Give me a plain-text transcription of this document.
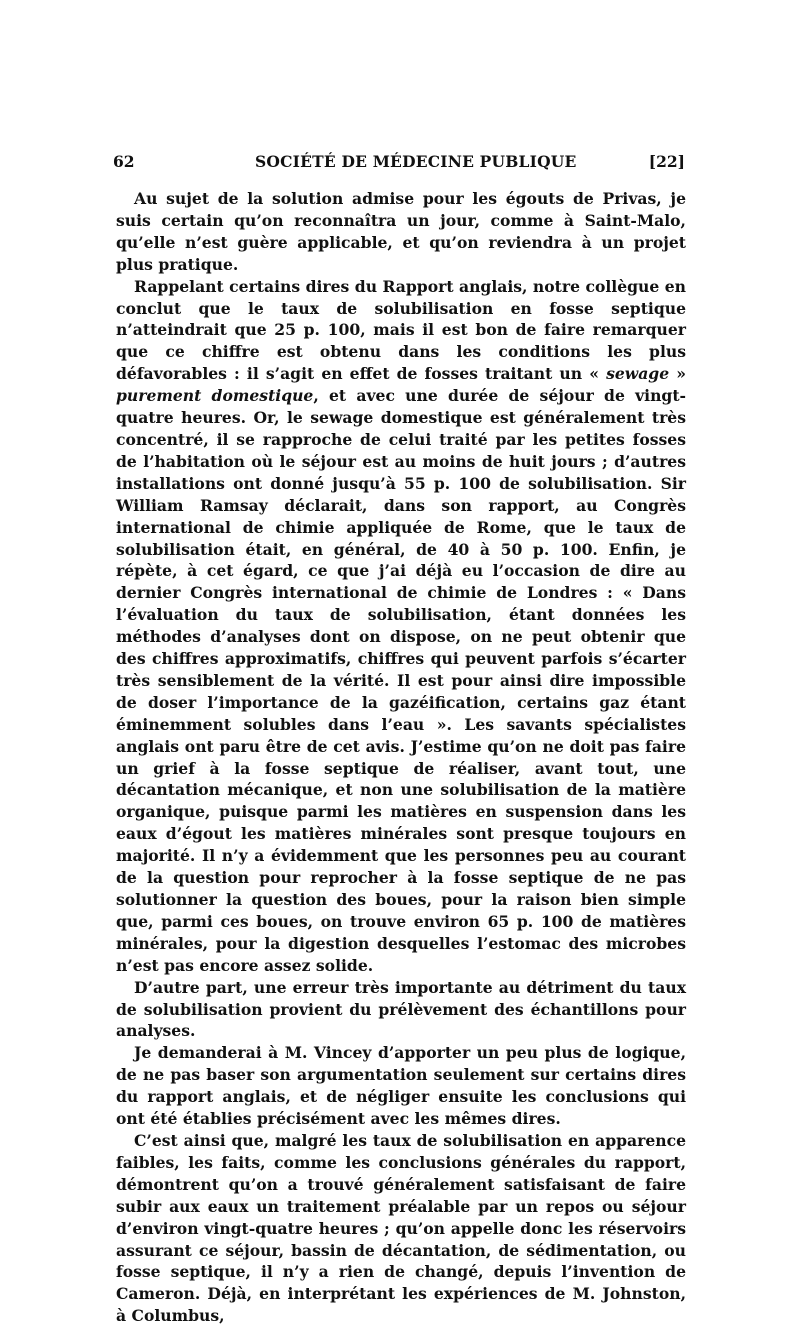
62	SOCIÉTÉ DE MÉDECINE PUBLIQUE	[22]

Au sujet de la solution admise pour les égouts de Privas, je suis certain qu’on reconnaîtra un jour, comme à Saint-Malo, qu’elle n’est guère applicable, et qu’on reviendra à un projet plus pratique.

Rappelant certains dires du Rapport anglais, notre collègue en conclut que le taux de solubilisation en fosse septique n’atteindrait que 25 p. 100, mais il est bon de faire remarquer que ce chiffre est obtenu dans les conditions les plus défavorables : il s’agit en effet de fosses traitant un « sewage » purement domestique, et avec une durée de séjour de vingt-quatre heures. Or, le sewage domestique est généralement très concentré, il se rapproche de celui traité par les petites fosses de l’habitation où le séjour est au moins de huit jours ; d’autres installations ont donné jusqu’à 55 p. 100 de solubilisation. Sir William Ramsay déclarait, dans son rapport, au Congrès international de chimie appliquée de Rome, que le taux de solubilisation était, en général, de 40 à 50 p. 100. Enfin, je répète, à cet égard, ce que j’ai déjà eu l’occasion de dire au dernier Congrès international de chimie de Londres : « Dans l’évaluation du taux de solubilisation, étant données les méthodes d’analyses dont on dispose, on ne peut obtenir que des chiffres approximatifs, chiffres qui peuvent parfois s’écarter très sensiblement de la vérité. Il est pour ainsi dire impossible de doser l’importance de la gazéification, certains gaz étant éminemment solubles dans l’eau ». Les savants spécialistes anglais ont paru être de cet avis. J’estime qu’on ne doit pas faire un grief à la fosse septique de réaliser, avant tout, une décantation mécanique, et non une solubilisation de la matière organique, puisque parmi les matières en suspension dans les eaux d’égout les matières minérales sont presque toujours en majorité. Il n’y a évidemment que les personnes peu au courant de la question pour reprocher à la fosse septique de ne pas solutionner la question des boues, pour la raison bien simple que, parmi ces boues, on trouve environ 65 p. 100 de matières minérales, pour la digestion desquelles l’estomac des microbes n’est pas encore assez solide.

D’autre part, une erreur très importante au détriment du taux de solubilisation provient du prélèvement des échantillons pour analyses.

Je demanderai à M. Vincey d’apporter un peu plus de logique, de ne pas baser son argumentation seulement sur certains dires du rapport anglais, et de négliger ensuite les conclusions qui ont été établies précisément avec les mêmes dires.

C’est ainsi que, malgré les taux de solubilisation en apparence faibles, les faits, comme les conclusions générales du rapport, démontrent qu’on a trouvé généralement satisfaisant de faire subir aux eaux un traitement préalable par un repos ou séjour d’environ vingt-quatre heures ; qu’on appelle donc les réservoirs assurant ce séjour, bassin de décantation, de sédimentation, ou fosse septique, il n’y a rien de changé, depuis l’invention de Cameron. Déjà, en interprétant les expériences de M. Johnston, à Columbus,
